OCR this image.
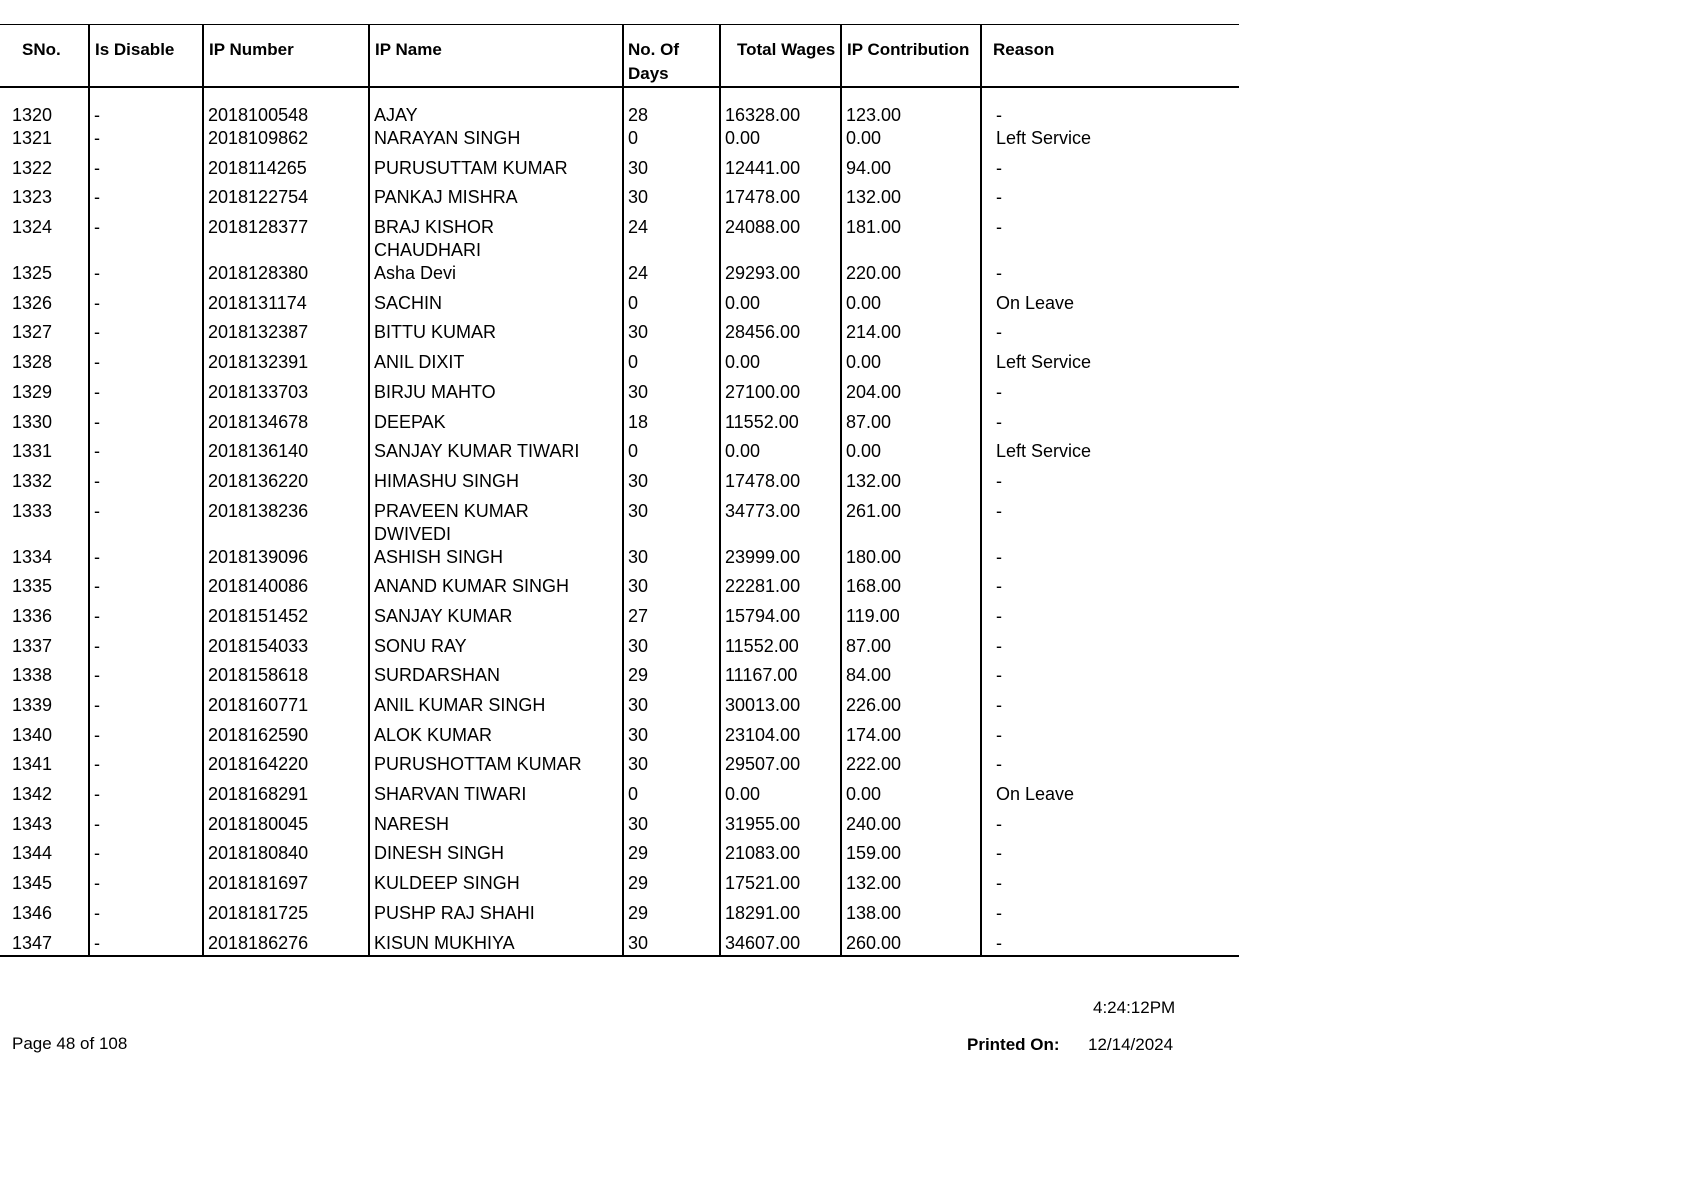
SNo.	Is Disable	IP Number	IP Name	No. Of Days	Total Wages	IP Contribution	Reason
1320	-	2018100548	AJAY	28	16328.00	123.00	-
1321	-	2018109862	NARAYAN SINGH	0	0.00	0.00	Left Service
1322	-	2018114265	PURUSUTTAM KUMAR	30	12441.00	94.00	-
1323	-	2018122754	PANKAJ MISHRA	30	17478.00	132.00	-
1324	-	2018128377	BRAJ KISHOR CHAUDHARI	24	24088.00	181.00	-
1325	-	2018128380	Asha Devi	24	29293.00	220.00	-
1326	-	2018131174	SACHIN	0	0.00	0.00	On Leave
1327	-	2018132387	BITTU KUMAR	30	28456.00	214.00	-
1328	-	2018132391	ANIL DIXIT	0	0.00	0.00	Left Service
1329	-	2018133703	BIRJU MAHTO	30	27100.00	204.00	-
1330	-	2018134678	DEEPAK	18	11552.00	87.00	-
1331	-	2018136140	SANJAY KUMAR TIWARI	0	0.00	0.00	Left Service
1332	-	2018136220	HIMASHU SINGH	30	17478.00	132.00	-
1333	-	2018138236	PRAVEEN KUMAR DWIVEDI	30	34773.00	261.00	-
1334	-	2018139096	ASHISH SINGH	30	23999.00	180.00	-
1335	-	2018140086	ANAND KUMAR SINGH	30	22281.00	168.00	-
1336	-	2018151452	SANJAY KUMAR	27	15794.00	119.00	-
1337	-	2018154033	SONU RAY	30	11552.00	87.00	-
1338	-	2018158618	SURDARSHAN	29	11167.00	84.00	-
1339	-	2018160771	ANIL KUMAR SINGH	30	30013.00	226.00	-
1340	-	2018162590	ALOK KUMAR	30	23104.00	174.00	-
1341	-	2018164220	PURUSHOTTAM KUMAR	30	29507.00	222.00	-
1342	-	2018168291	SHARVAN TIWARI	0	0.00	0.00	On Leave
1343	-	2018180045	NARESH	30	31955.00	240.00	-
1344	-	2018180840	DINESH SINGH	29	21083.00	159.00	-
1345	-	2018181697	KULDEEP SINGH	29	17521.00	132.00	-
1346	-	2018181725	PUSHP RAJ SHAHI	29	18291.00	138.00	-
1347	-	2018186276	KISUN MUKHIYA	30	34607.00	260.00	-
Page 48 of 108
4:24:12PM
Printed On: 12/14/2024
